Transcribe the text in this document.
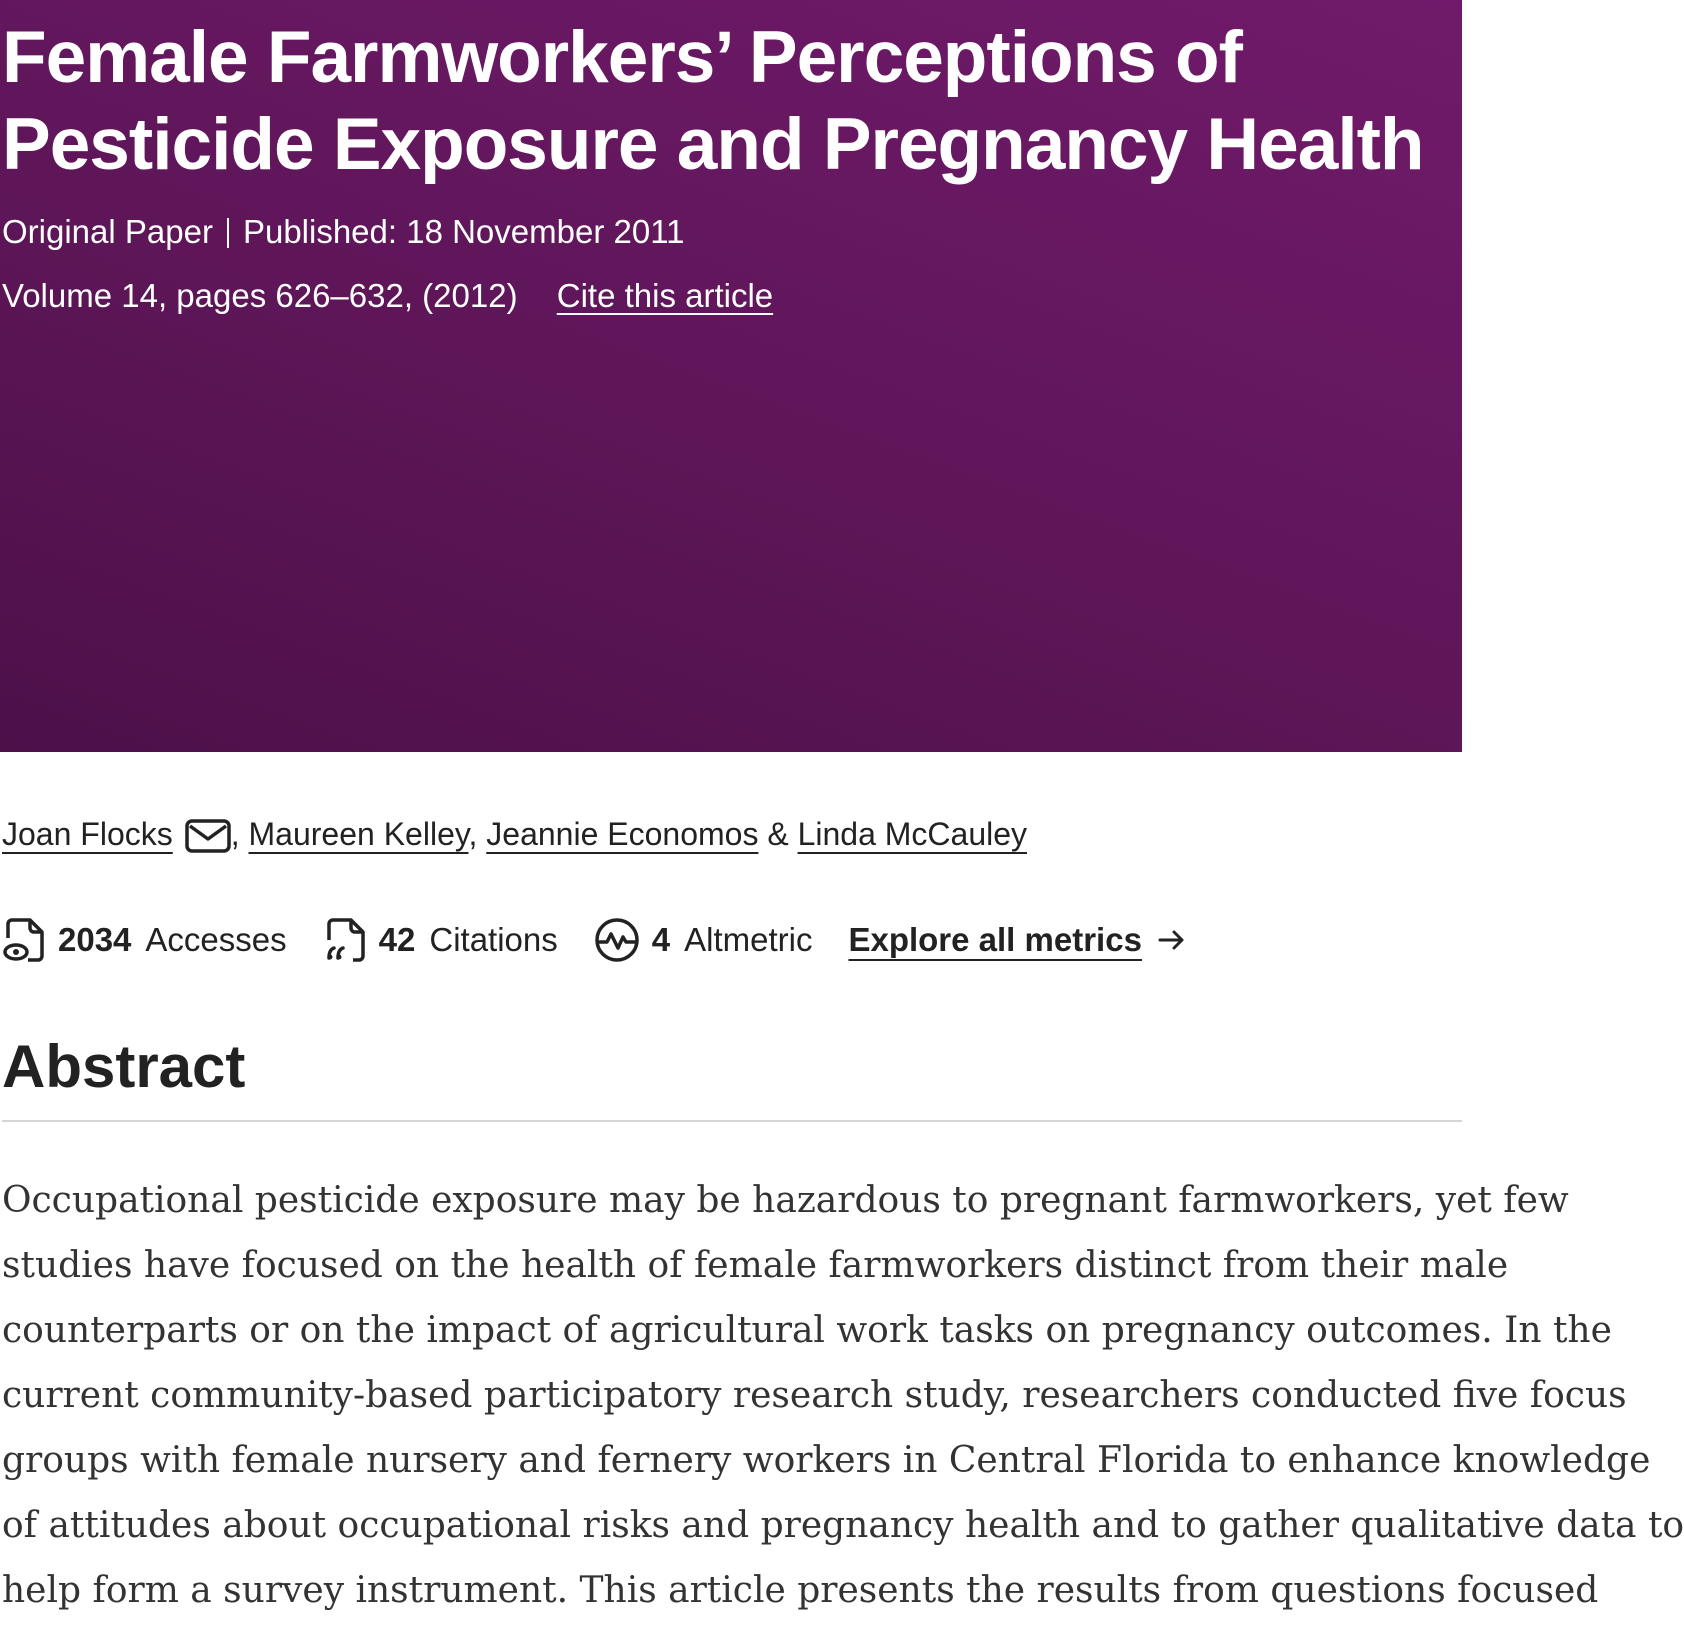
Female Farmworkers’ Perceptions of
Pesticide Exposure and Pregnancy Health
Original Paper Published: 18 November 2011
Volume 14, pages 626–632, (2012) Cite this article
Joan Flocks , Maureen Kelley, Jeannie Economos & Linda McCauley
2034 Accesses	42 Citations	4 Altmetric Explore all metrics
Abstract
Occupational pesticide exposure may be hazardous to pregnant farmworkers, yet few
studies have focused on the health of female farmworkers distinct from their male
counterparts or on the impact of agricultural work tasks on pregnancy outcomes. In the
current community-based participatory research study, researchers conducted five focus
groups with female nursery and fernery workers in Central Florida to enhance knowledge
of attitudes about occupational risks and pregnancy health and to gather qualitative data to
help form a survey instrument. This article presents the results from questions focused
